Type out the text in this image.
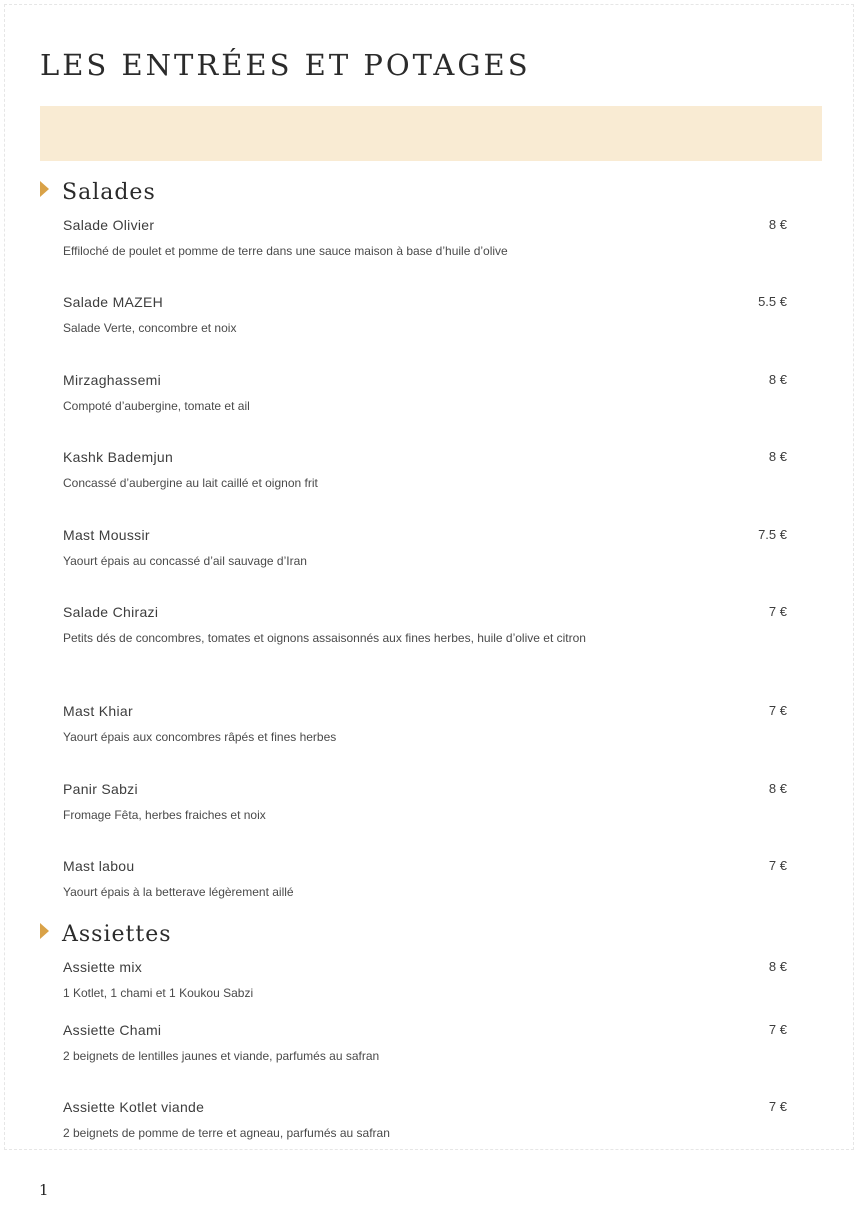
LES ENTRÉES ET POTAGES
Salades
Salade Olivier	8 €
Effiloché de poulet et pomme de terre dans une sauce maison à base d’huile d’olive
Salade MAZEH	5.5 €
Salade Verte, concombre et noix
Mirzaghassemi	8 €
Compoté d’aubergine, tomate et ail
Kashk Bademjun	8 €
Concassé d’aubergine au lait caillé et oignon frit
Mast Moussir	7.5 €
Yaourt épais au concassé d’ail sauvage d’Iran
Salade Chirazi	7 €
Petits dés de concombres, tomates et oignons assaisonnés aux fines herbes, huile d’olive et citron
Mast Khiar	7 €
Yaourt épais aux concombres râpés et fines herbes
Panir Sabzi	8 €
Fromage Fêta, herbes fraiches et noix
Mast labou	7 €
Yaourt épais à la betterave légèrement aillé
Assiettes
Assiette mix	8 €
1 Kotlet, 1 chami et 1 Koukou Sabzi
Assiette Chami	7 €
2 beignets de lentilles jaunes et viande, parfumés au safran
Assiette Kotlet viande	7 €
2 beignets de pomme de terre et agneau, parfumés au safran
1
